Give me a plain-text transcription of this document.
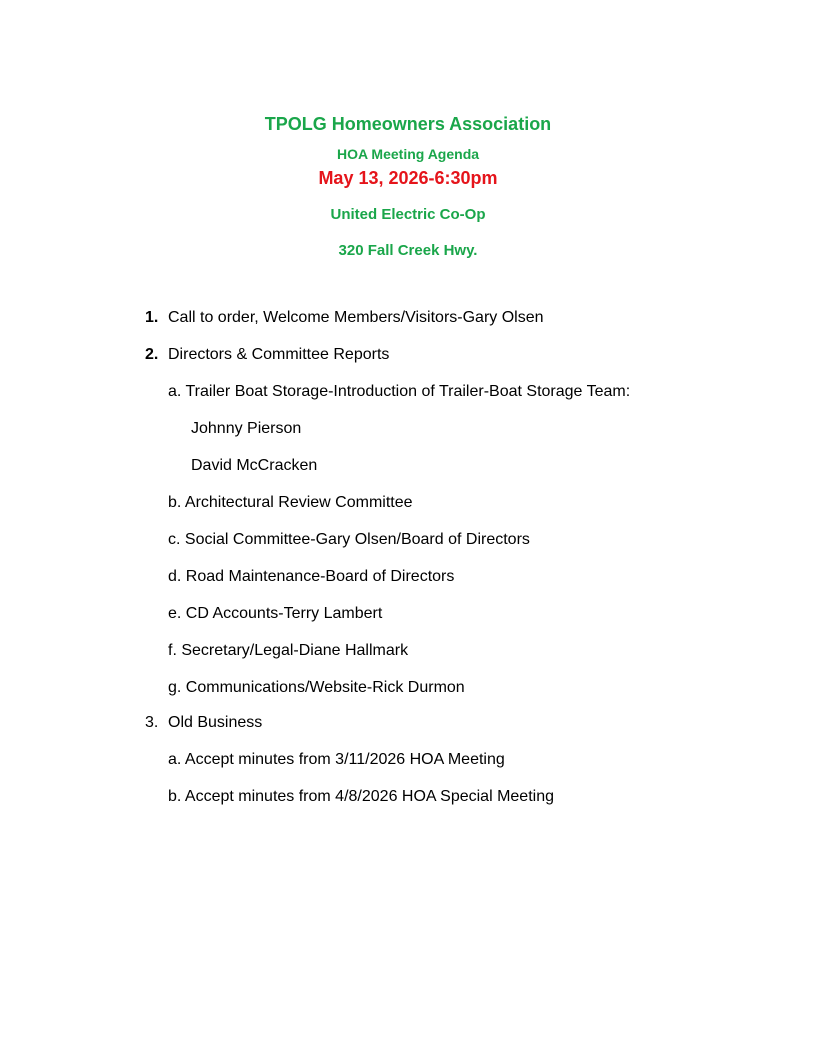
TPOLG Homeowners Association
HOA Meeting Agenda
May 13, 2026-6:30pm
United Electric Co-Op
320 Fall Creek Hwy.
1. Call to order, Welcome Members/Visitors-Gary Olsen
2. Directors & Committee Reports
a. Trailer Boat Storage-Introduction of Trailer-Boat Storage Team:
Johnny Pierson
David McCracken
b. Architectural Review Committee
c. Social Committee-Gary Olsen/Board of Directors
d. Road Maintenance-Board of Directors
e. CD Accounts-Terry Lambert
f. Secretary/Legal-Diane Hallmark
g. Communications/Website-Rick Durmon
3. Old Business
a. Accept minutes from 3/11/2026 HOA Meeting
b. Accept minutes from 4/8/2026 HOA Special Meeting
